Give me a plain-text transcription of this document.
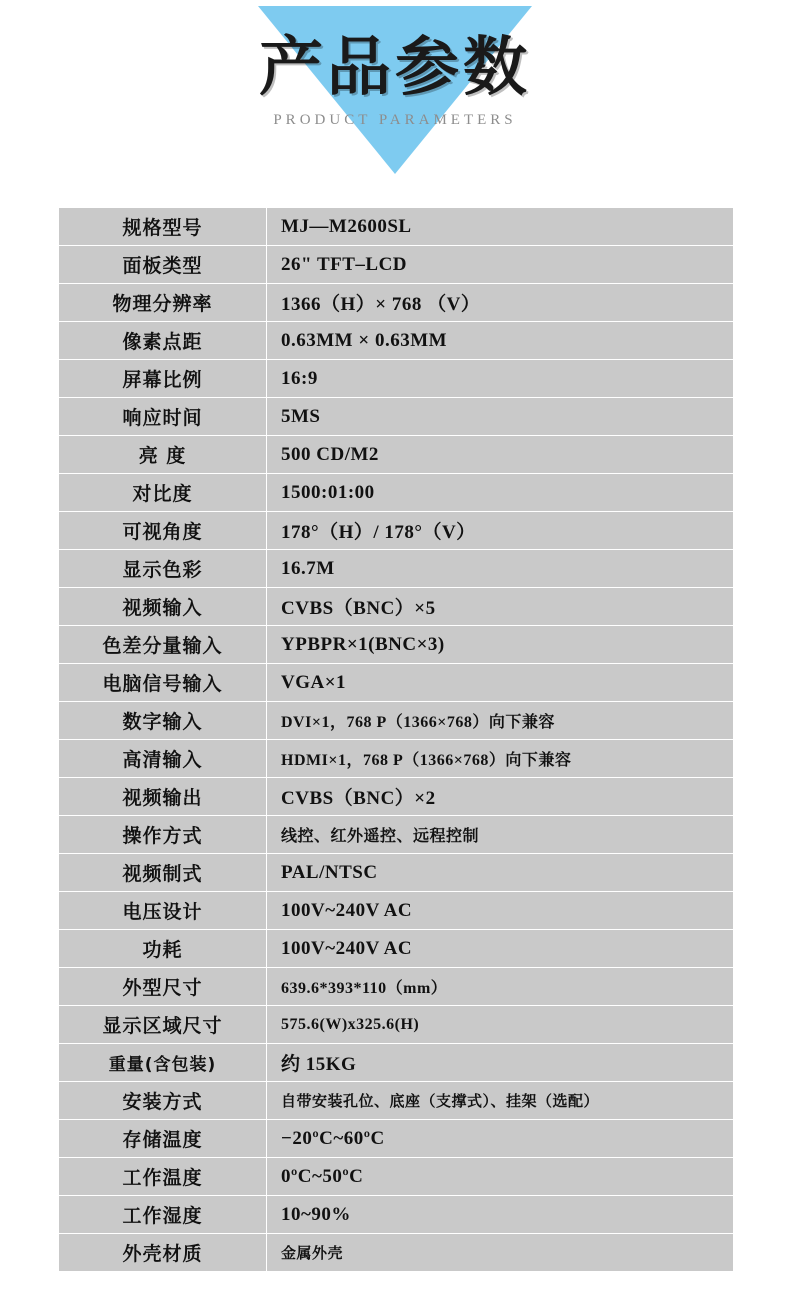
产品参数
PRODUCT PARAMETERS
规格型号	MJ—M2600SL
面板类型	26" TFT–LCD
物理分辨率	1366（H）× 768 （V）
像素点距	0.63MM × 0.63MM
屏幕比例	16:9
响应时间	5MS
亮 度	500 CD/M2
对比度	1500:01:00
可视角度	178°（H）/ 178°（V）
显示色彩	16.7M
视频输入	CVBS（BNC）×5
色差分量输入	YPBPR×1(BNC×3)
电脑信号输入	VGA×1
数字输入	DVI×1，768 P（1366×768）向下兼容
高清输入	HDMI×1，768 P（1366×768）向下兼容
视频输出	CVBS（BNC）×2
操作方式	线控、红外遥控、远程控制
视频制式	PAL/NTSC
电压设计	100V~240V AC
功耗	100V~240V AC
外型尺寸	639.6*393*110（mm）
显示区域尺寸	575.6(W)x325.6(H)
重量(含包装)	约 15KG
安装方式	自带安装孔位、底座（支撑式）、挂架（选配）
存储温度	−20ºC~60ºC
工作温度	0ºC~50ºC
工作湿度	10~90%
外壳材质	金属外壳
